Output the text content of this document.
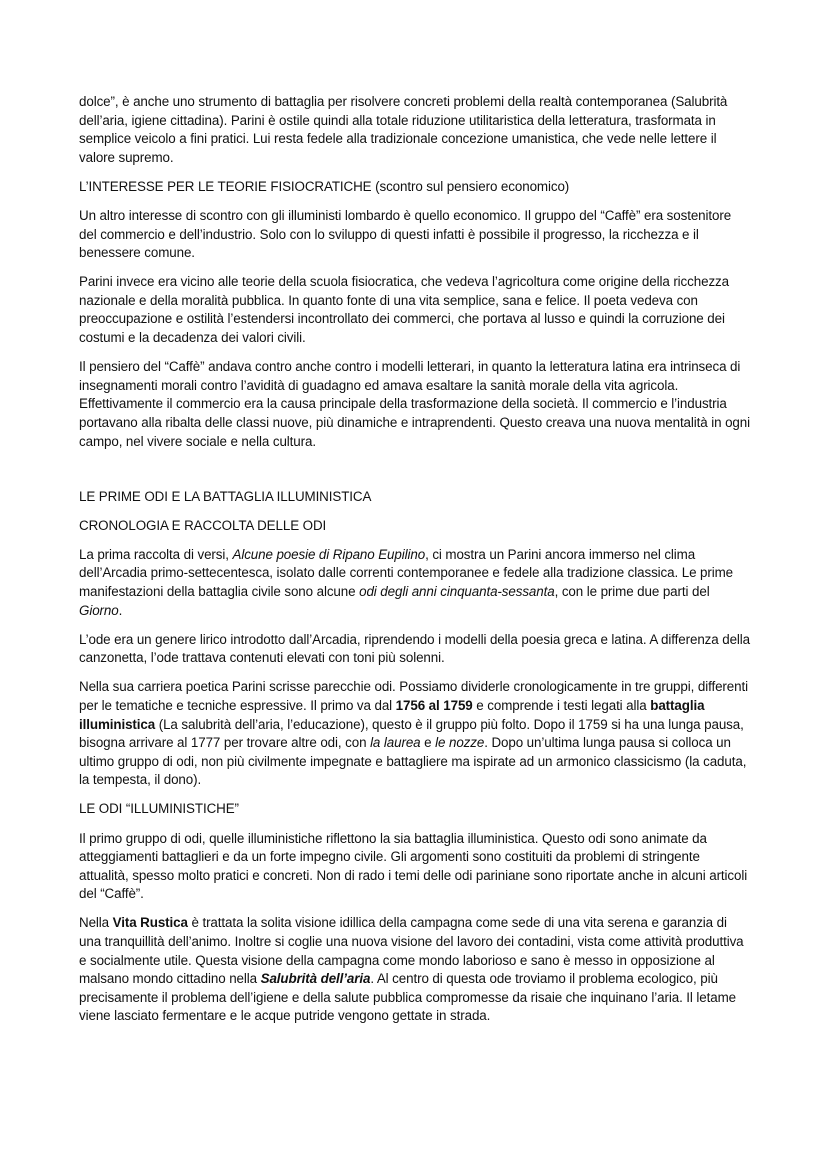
dolce”, è anche uno strumento di battaglia per risolvere concreti problemi della realtà contemporanea (Salubrità dell’aria, igiene cittadina). Parini è ostile quindi alla totale riduzione utilitaristica della letteratura, trasformata in semplice veicolo a fini pratici. Lui resta fedele alla tradizionale concezione umanistica, che vede nelle lettere il valore supremo.

L’INTERESSE PER LE TEORIE FISIOCRATICHE (scontro sul pensiero economico)

Un altro interesse di scontro con gli illuministi lombardo è quello economico. Il gruppo del “Caffè” era sostenitore del commercio e dell’industrio. Solo con lo sviluppo di questi infatti è possibile il progresso, la ricchezza e il benessere comune.

Parini invece era vicino alle teorie della scuola fisiocratica, che vedeva l’agricoltura come origine della ricchezza nazionale e della moralità pubblica. In quanto fonte di una vita semplice, sana e felice. Il poeta vedeva con preoccupazione e ostilità l’estendersi incontrollato dei commerci, che portava al lusso e quindi la corruzione dei costumi e la decadenza dei valori civili.

Il pensiero del “Caffè” andava contro anche contro i modelli letterari, in quanto la letteratura latina era intrinseca di insegnamenti morali contro l’avidità di guadagno ed amava esaltare la sanità morale della vita agricola. Effettivamente il commercio era la causa principale della trasformazione della società. Il commercio e l’industria portavano alla ribalta delle classi nuove, più dinamiche e intraprendenti. Questo creava una nuova mentalità in ogni campo, nel vivere sociale e nella cultura.

LE PRIME ODI E LA BATTAGLIA ILLUMINISTICA

CRONOLOGIA E RACCOLTA DELLE ODI

La prima raccolta di versi, Alcune poesie di Ripano Eupilino, ci mostra un Parini ancora immerso nel clima dell’Arcadia primo-settecentesca, isolato dalle correnti contemporanee e fedele alla tradizione classica. Le prime manifestazioni della battaglia civile sono alcune odi degli anni cinquanta-sessanta, con le prime due parti del Giorno.

L’ode era un genere lirico introdotto dall’Arcadia, riprendendo i modelli della poesia greca e latina. A differenza della canzonetta, l’ode trattava contenuti elevati con toni più solenni.

Nella sua carriera poetica Parini scrisse parecchie odi. Possiamo dividerle cronologicamente in tre gruppi, differenti per le tematiche e tecniche espressive. Il primo va dal 1756 al 1759 e comprende i testi legati alla battaglia illuministica (La salubrità dell’aria, l’educazione), questo è il gruppo più folto. Dopo il 1759 si ha una lunga pausa, bisogna arrivare al 1777 per trovare altre odi, con la laurea e le nozze. Dopo un’ultima lunga pausa si colloca un ultimo gruppo di odi, non più civilmente impegnate e battagliere ma ispirate ad un armonico classicismo (la caduta, la tempesta, il dono).

LE ODI “ILLUMINISTICHE”

Il primo gruppo di odi, quelle illuministiche riflettono la sia battaglia illuministica. Questo odi sono animate da atteggiamenti battaglieri e da un forte impegno civile. Gli argomenti sono costituiti da problemi di stringente attualità, spesso molto pratici e concreti. Non di rado i temi delle odi pariniane sono riportate anche in alcuni articoli del “Caffè”.

Nella Vita Rustica è trattata la solita visione idillica della campagna come sede di una vita serena e garanzia di una tranquillità dell’animo. Inoltre si coglie una nuova visione del lavoro dei contadini, vista come attività produttiva e socialmente utile. Questa visione della campagna come mondo laborioso e sano è messo in opposizione al malsano mondo cittadino nella Salubrità dell’aria. Al centro di questa ode troviamo il problema ecologico, più precisamente il problema dell’igiene e della salute pubblica compromesse da risaie che inquinano l’aria. Il letame viene lasciato fermentare e le acque putride vengono gettate in strada.
